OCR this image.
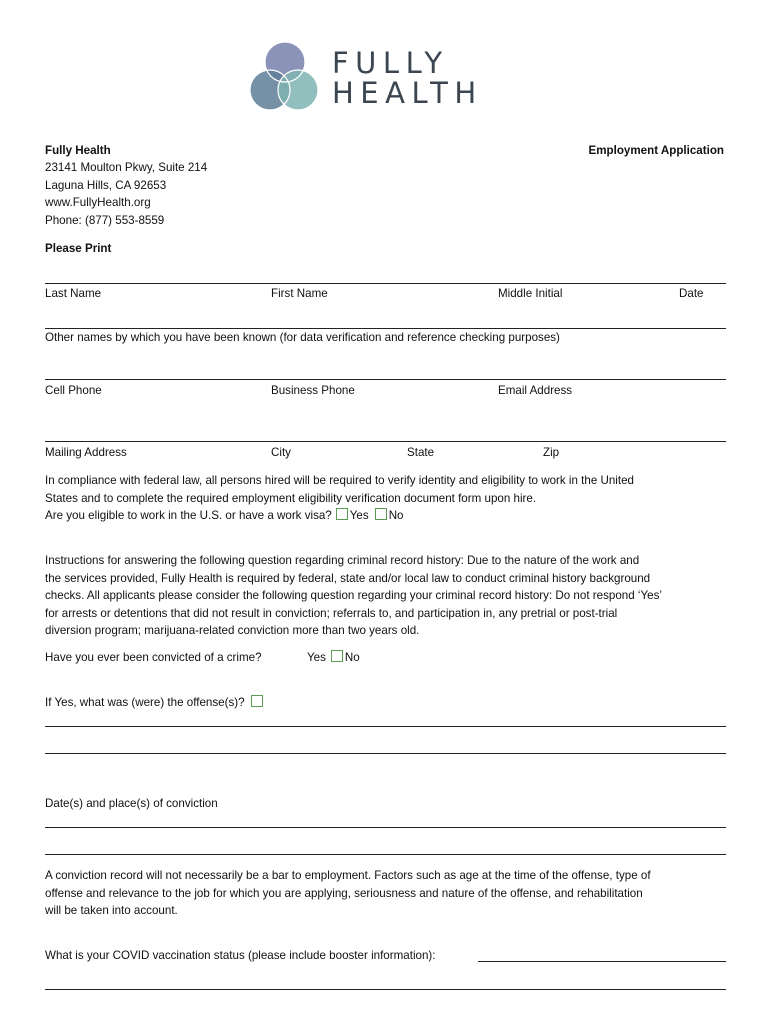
FULLY
HEALTH
Fully Health	Employment Application
23141 Moulton Pkwy, Suite 214
Laguna Hills, CA 92653
www.FullyHealth.org
Phone: (877) 553-8559
Please Print
Last Name	First Name	Middle Initial	Date
Other names by which you have been known (for data verification and reference checking purposes)
Cell Phone	Business Phone	Email Address
Mailing Address	City	State	Zip

In compliance with federal law, all persons hired will be required to verify identity and eligibility to work in the United

States and to complete the required employment eligibility verification document form upon hire.

Are you eligible to work in the U.S. or have a work visa? Yes No

Instructions for answering the following question regarding criminal record history: Due to the nature of the work and

the services provided, Fully Health is required by federal, state and/or local law to conduct criminal history background

checks. All applicants please consider the following question regarding your criminal record history: Do not respond ‘Yes’

for arrests or detentions that did not result in conviction; referrals to, and participation in, any pretrial or post-trial

diversion program; marijuana-related conviction more than two years old.

Have you ever been convicted of a crime?	Yes No
If Yes, what was (were) the offense(s)?
Date(s) and place(s) of conviction

A conviction record will not necessarily be a bar to employment. Factors such as age at the time of the offense, type of

offense and relevance to the job for which you are applying, seriousness and nature of the offense, and rehabilitation

will be taken into account.

What is your COVID vaccination status (please include booster information):
